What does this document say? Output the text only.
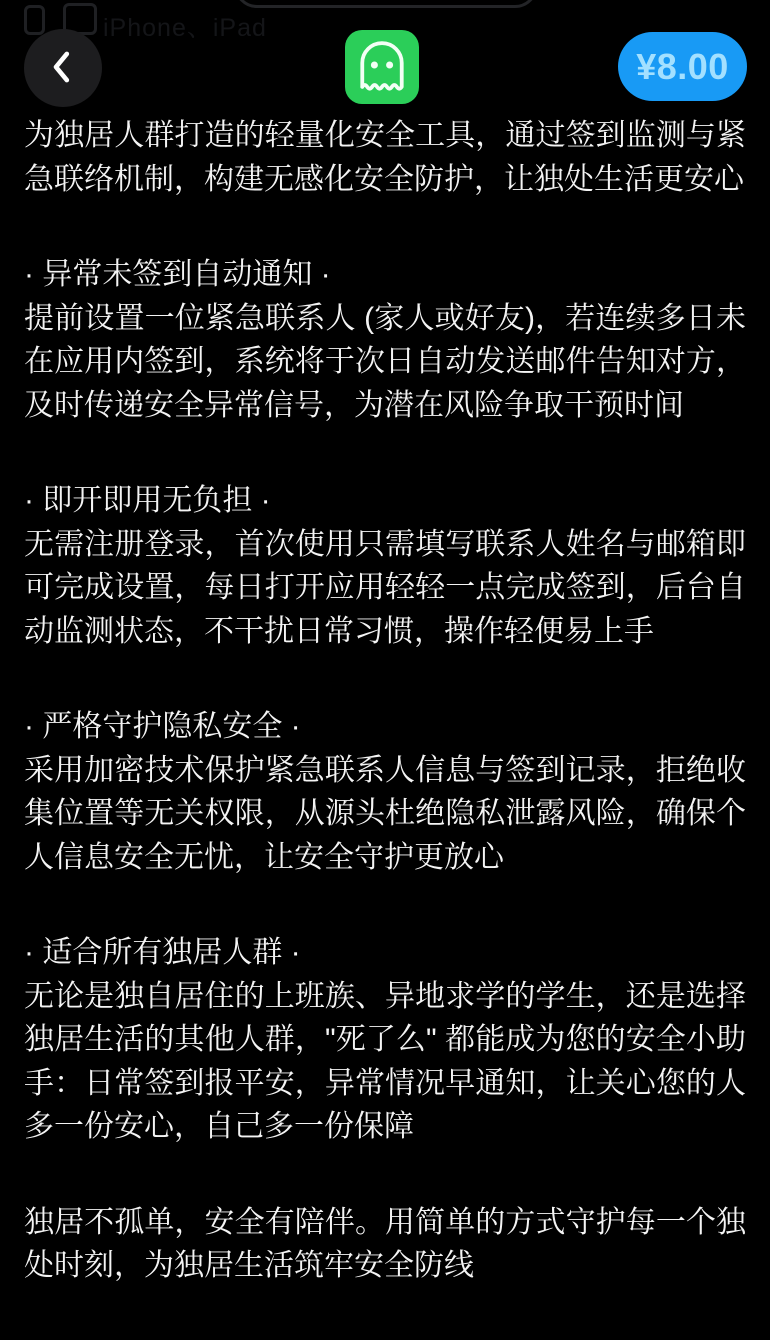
iPhone、iPad
¥8.00

为独居人群打造的轻量化安全工具，通过签到监测与紧急联络机制，构建无感化安全防护，让独处生活更安心

· 异常未签到自动通知 ·
提前设置一位紧急联系人 (家人或好友)，若连续多日未在应用内签到，系统将于次日自动发送邮件告知对方，及时传递安全异常信号，为潜在风险争取干预时间

· 即开即用无负担 ·
无需注册登录，首次使用只需填写联系人姓名与邮箱即可完成设置，每日打开应用轻轻一点完成签到，后台自动监测状态，不干扰日常习惯，操作轻便易上手

· 严格守护隐私安全 ·
采用加密技术保护紧急联系人信息与签到记录，拒绝收集位置等无关权限，从源头杜绝隐私泄露风险，确保个人信息安全无忧，让安全守护更放心

· 适合所有独居人群 ·
无论是独自居住的上班族、异地求学的学生，还是选择独居生活的其他人群，"死了么" 都能成为您的安全小助手：日常签到报平安，异常情况早通知，让关心您的人多一份安心，自己多一份保障

独居不孤单，安全有陪伴。用简单的方式守护每一个独处时刻，为独居生活筑牢安全防线
